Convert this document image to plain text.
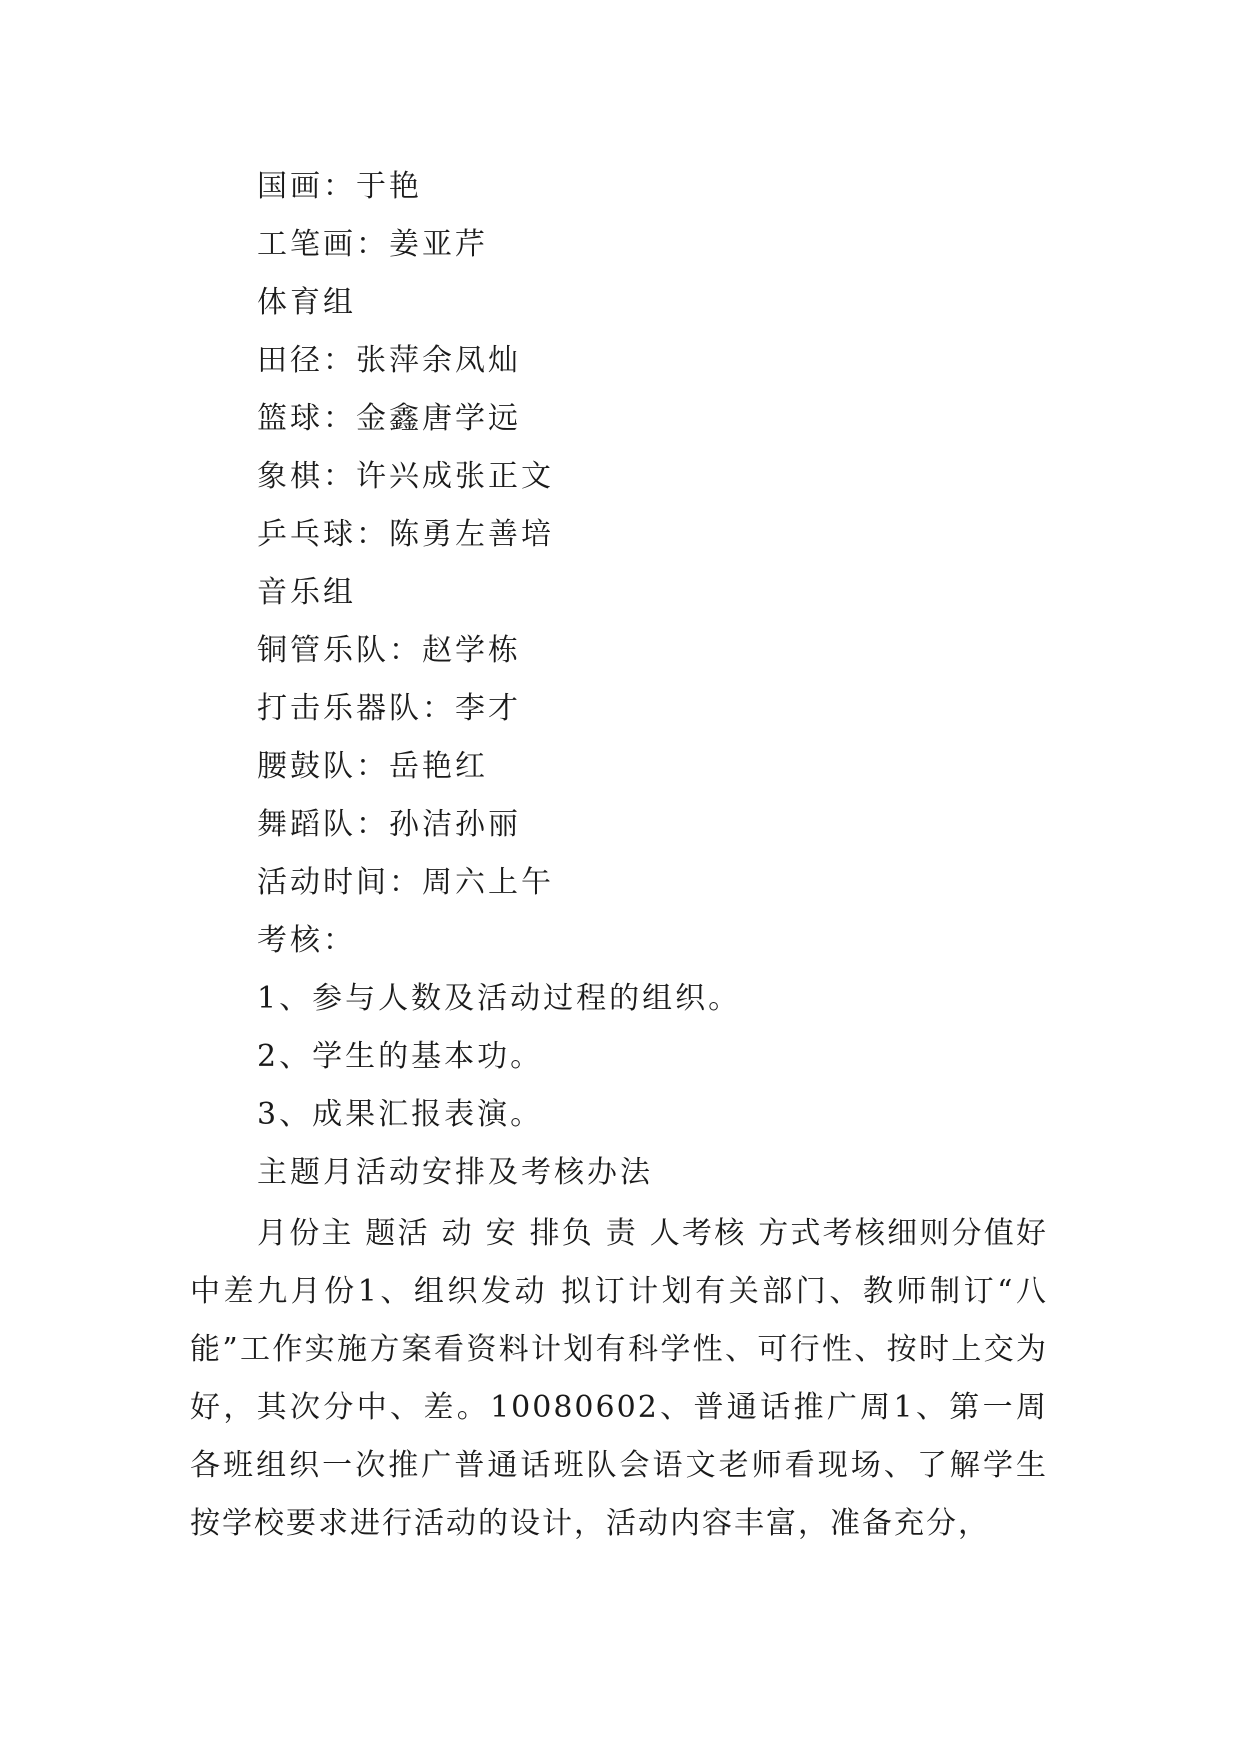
国画：于艳
工笔画：姜亚芹
体育组
田径：张萍余凤灿
篮球：金鑫唐学远
象棋：许兴成张正文
乒乓球：陈勇左善培
音乐组
铜管乐队：赵学栋
打击乐器队：李才
腰鼓队：岳艳红
舞蹈队：孙洁孙丽
活动时间：周六上午
考核：
1、参与人数及活动过程的组织。
2、学生的基本功。
3、成果汇报表演。
主题月活动安排及考核办法
月份主 题活 动 安 排负 责 人考核 方式考核细则分值好中差九月份1、组织发动 拟订计划有关部门、教师制订“八能”工作实施方案看资料计划有科学性、可行性、按时上交为好，其次分中、差。10080602、普通话推广周1、第一周各班组织一次推广普通话班队会语文老师看现场、了解学生按学校要求进行活动的设计，活动内容丰富，准备充分，
